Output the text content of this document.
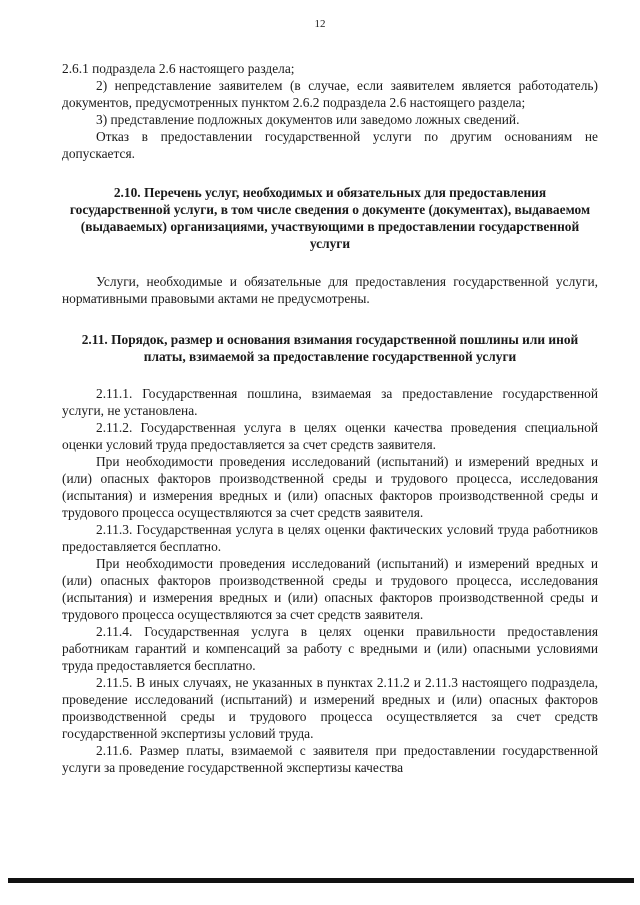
12

2.6.1 подраздела 2.6 настоящего раздела;

2) непредставление заявителем (в случае, если заявителем является работодатель) документов, предусмотренных пунктом 2.6.2 подраздела 2.6 настоящего раздела;

3) представление подложных документов или заведомо ложных сведений.

Отказ в предоставлении государственной услуги по другим основаниям не допускается.

2.10. Перечень услуг, необходимых и обязательных для предоставления государственной услуги, в том числе сведения о документе (документах), выдаваемом (выдаваемых) организациями, участвующими в предоставлении государственной услуги

Услуги, необходимые и обязательные для предоставления государственной услуги, нормативными правовыми актами не предусмотрены.

2.11. Порядок, размер и основания взимания государственной пошлины или иной платы, взимаемой за предоставление государственной услуги

2.11.1. Государственная пошлина, взимаемая за предоставление государственной услуги, не установлена.

2.11.2. Государственная услуга в целях оценки качества проведения специальной оценки условий труда предоставляется за счет средств заявителя.

При необходимости проведения исследований (испытаний) и измерений вредных и (или) опасных факторов производственной среды и трудового процесса, исследования (испытания) и измерения вредных и (или) опасных факторов производственной среды и трудового процесса осуществляются за счет средств заявителя.

2.11.3. Государственная услуга в целях оценки фактических условий труда работников предоставляется бесплатно.

При необходимости проведения исследований (испытаний) и измерений вредных и (или) опасных факторов производственной среды и трудового процесса, исследования (испытания) и измерения вредных и (или) опасных факторов производственной среды и трудового процесса осуществляются за счет средств заявителя.

2.11.4. Государственная услуга в целях оценки правильности предоставления работникам гарантий и компенсаций за работу с вредными и (или) опасными условиями труда предоставляется бесплатно.

2.11.5. В иных случаях, не указанных в пунктах 2.11.2 и 2.11.3 настоящего подраздела, проведение исследований (испытаний) и измерений вредных и (или) опасных факторов производственной среды и трудового процесса осуществляется за счет средств государственной экспертизы условий труда.

2.11.6. Размер платы, взимаемой с заявителя при предоставлении государственной услуги за проведение государственной экспертизы качества
